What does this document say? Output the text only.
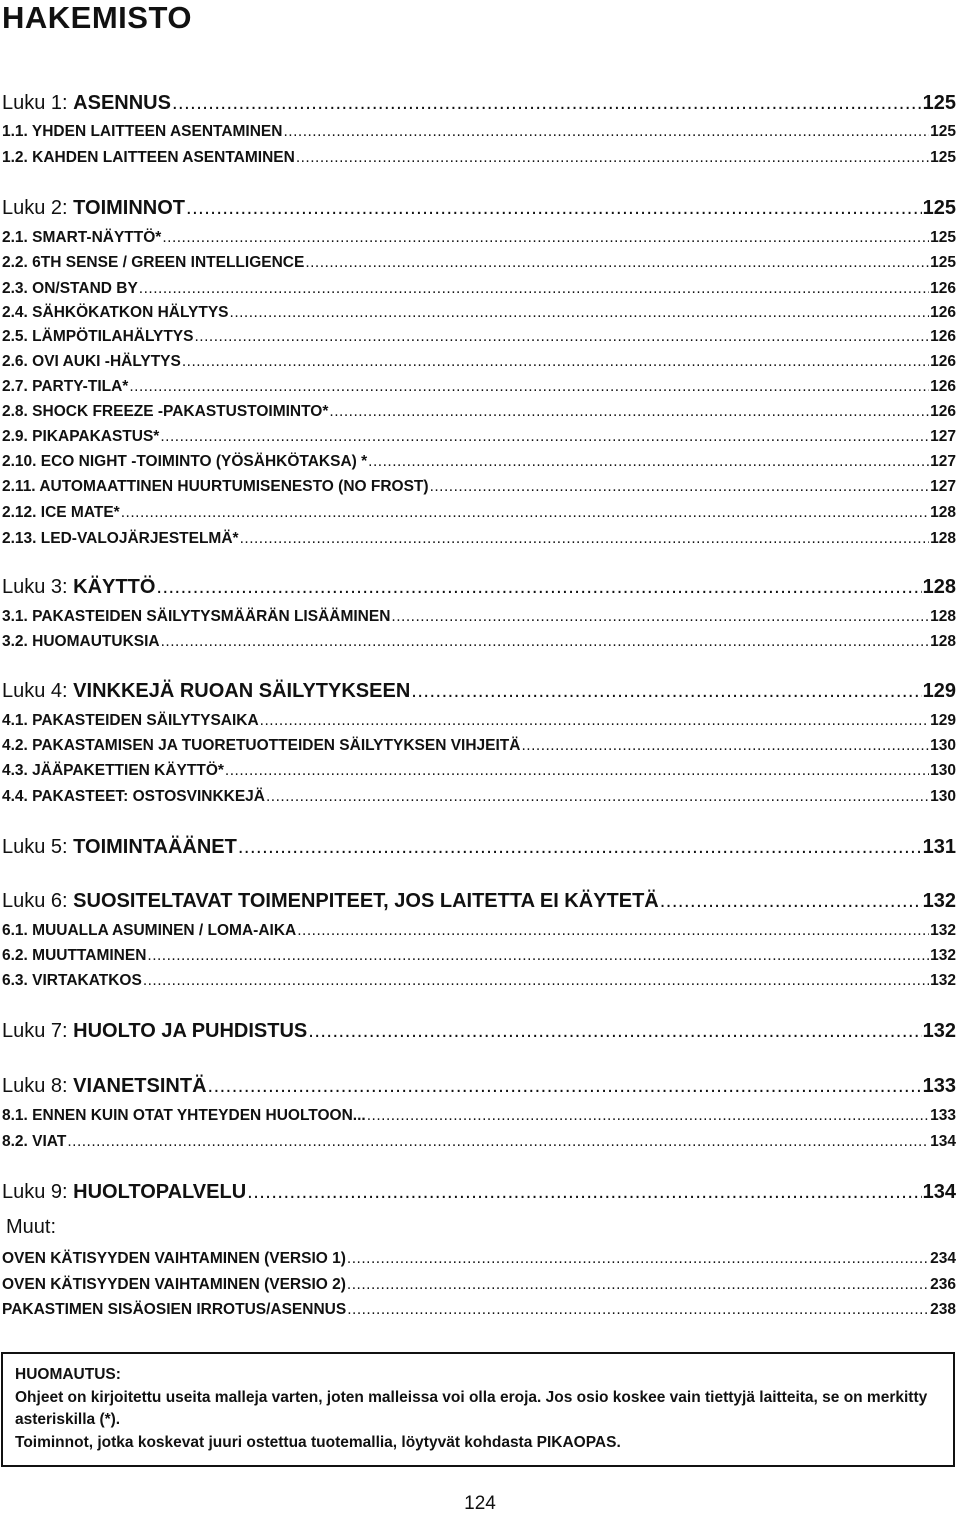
HAKEMISTO
Luku 1: ASENNUS .....	125
1.1. YHDEN LAITTEEN ASENTAMINEN .....	125
1.2. KAHDEN LAITTEEN ASENTAMINEN .....	125
Luku 2: TOIMINNOT .....	125
2.1. SMART-NÄYTTÖ* .....	125
2.2. 6TH SENSE / GREEN INTELLIGENCE .....	125
2.3. ON/STAND BY .....	126
2.4. SÄHKÖKATKON HÄLYTYS .....	126
2.5. LÄMPÖTILAHÄLYTYS .....	126
2.6. OVI AUKI -HÄLYTYS .....	126
2.7. PARTY-TILA* .....	126
2.8. SHOCK FREEZE -PAKASTUSTOIMINTO* .....	126
2.9. PIKAPAKASTUS* .....	127
2.10. ECO NIGHT -TOIMINTO (YÖSÄHKÖTAKSA) * .....	127
2.11. AUTOMAATTINEN HUURTUMISENESTO (NO FROST) .....	127
2.12. ICE MATE* .....	128
2.13. LED-VALOJÄRJESTELMÄ* .....	128
Luku 3: KÄYTTÖ .....	128
3.1. PAKASTEIDEN SÄILYTYSMÄÄRÄN LISÄÄMINEN .....	128
3.2. HUOMAUTUKSIA .....	128
Luku 4: VINKKEJÄ RUOAN SÄILYTYKSEEN .....	129
4.1. PAKASTEIDEN SÄILYTYSAIKA .....	129
4.2. PAKASTAMISEN JA TUORETUOTTEIDEN SÄILYTYKSEN VIHJEITÄ .....	130
4.3. JÄÄPAKETTIEN KÄYTTÖ* .....	130
4.4. PAKASTEET: OSTOSVINKKEJÄ .....	130
Luku 5: TOIMINTAÄÄNET .....	131
Luku 6: SUOSITELTAVAT TOIMENPITEET, JOS LAITETTA EI KÄYTETÄ .....	132
6.1. MUUALLA ASUMINEN / LOMA-AIKA .....	132
6.2. MUUTTAMINEN .....	132
6.3. VIRTAKATKOS .....	132
Luku 7: HUOLTO JA PUHDISTUS .....	132
Luku 8: VIANETSINTÄ .....	133
8.1. ENNEN KUIN OTAT YHTEYDEN HUOLTOON... .....	133
8.2. VIAT .....	134
Luku 9: HUOLTOPALVELU .....	134
OVEN KÄTISYYDEN VAIHTAMINEN (VERSIO 1) .....	234
OVEN KÄTISYYDEN VAIHTAMINEN (VERSIO 2) .....	236
PAKASTIMEN SISÄOSIEN IRROTUS/ASENNUS .....	238
Muut:
HUOMAUTUS:
Ohjeet on kirjoitettu useita malleja varten, joten malleissa voi olla eroja. Jos osio koskee vain tiettyjä laitteita, se on merkitty asteriskilla (*).
Toiminnot, jotka koskevat juuri ostettua tuotemallia, löytyvät kohdasta PIKAOPAS.
124
